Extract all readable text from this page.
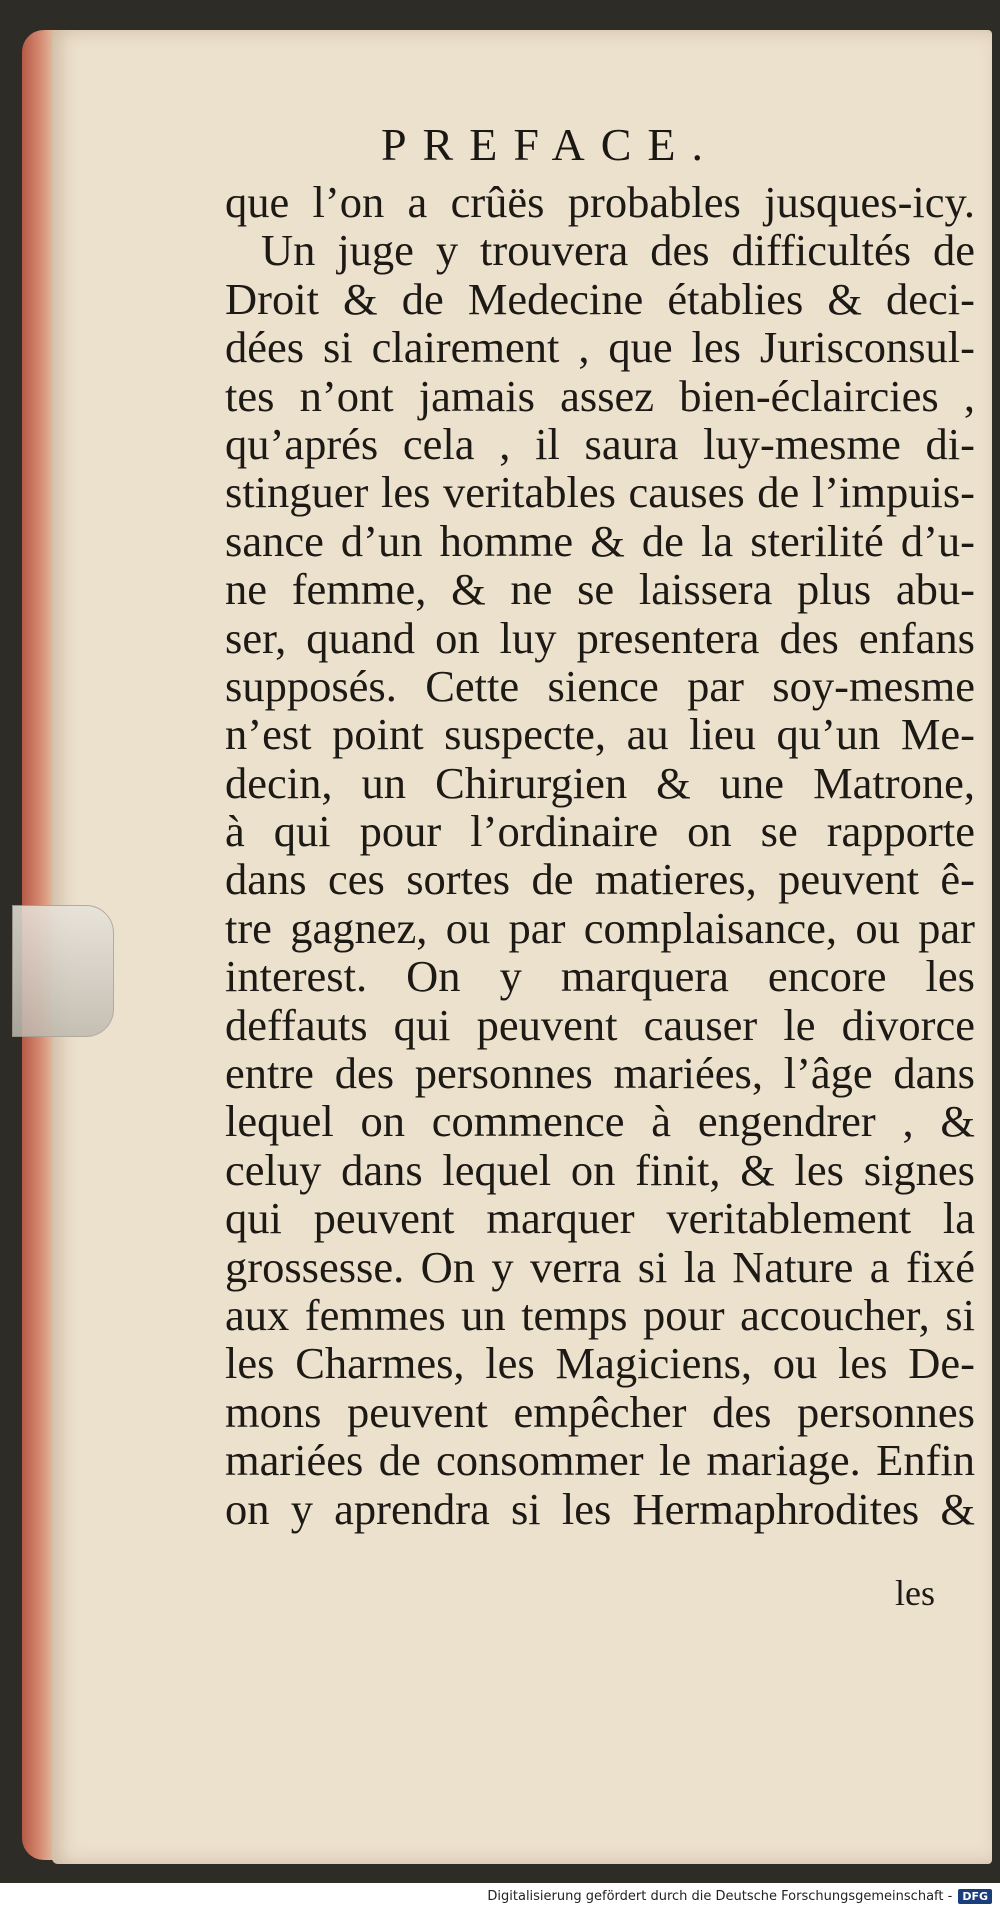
PREFACE.
que l’on a crûës probables jusques-icy.
Un juge y trouvera des difficultés de
Droit & de Medecine établies & deci-
dées si clairement , que les Jurisconsul-
tes n’ont jamais assez bien-éclaircies ,
qu’aprés cela , il saura luy-mesme di-
stinguer les veritables causes de l’impuis-
sance d’un homme & de la sterilité d’u-
ne femme, & ne se laissera plus abu-
ser, quand on luy presentera des enfans
supposés. Cette sience par soy-mesme
n’est point suspecte, au lieu qu’un Me-
decin, un Chirurgien & une Matrone,
à qui pour l’ordinaire on se rapporte
dans ces sortes de matieres, peuvent ê-
tre gagnez, ou par complaisance, ou par
interest. On y marquera encore les
deffauts qui peuvent causer le divorce
entre des personnes mariées, l’âge dans
lequel on commence à engendrer , &
celuy dans lequel on finit, & les signes
qui peuvent marquer veritablement la
grossesse. On y verra si la Nature a fixé
aux femmes un temps pour accoucher, si
les Charmes, les Magiciens, ou les De-
mons peuvent empêcher des personnes
mariées de consommer le mariage. Enfin
on y aprendra si les Hermaphrodites &
les
Digitalisierung gefördert durch die Deutsche Forschungsgemeinschaft - DFG
